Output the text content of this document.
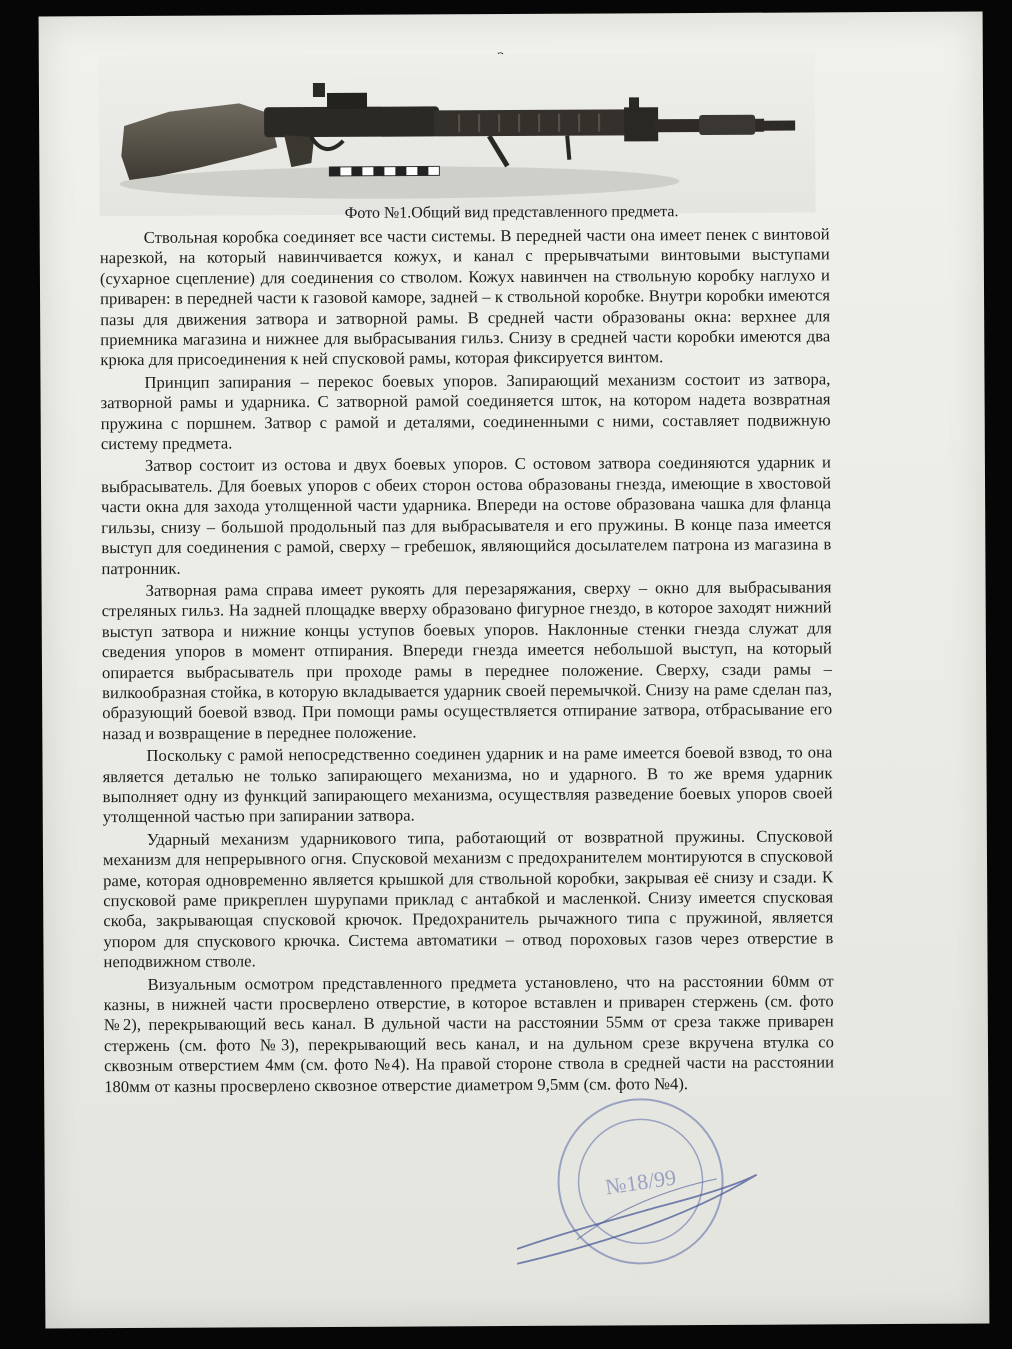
Фото №1.Общий вид представленного предмета.

Ствольная коробка соединяет все части системы. В передней части она имеет пенек с винтовой нарезкой, на который навинчивается кожух, и канал с прерывчатыми винтовыми выступами (сухарное сцепление) для соединения со стволом. Кожух навинчен на ствольную коробку наглухо и приварен: в передней части к газовой каморе, задней – к ствольной коробке. Внутри коробки имеются пазы для движения затвора и затворной рамы. В средней части образованы окна: верхнее для приемника магазина и нижнее для выбрасывания гильз. Снизу в средней части коробки имеются два крюка для присоединения к ней спусковой рамы, которая фиксируется винтом.

Принцип запирания – перекос боевых упоров. Запирающий механизм состоит из затвора, затворной рамы и ударника. С затворной рамой соединяется шток, на котором надета возвратная пружина с поршнем. Затвор с рамой и деталями, соединенными с ними, составляет подвижную систему предмета.

Затвор состоит из остова и двух боевых упоров. С остовом затвора соединяются ударник и выбрасыватель. Для боевых упоров с обеих сторон остова образованы гнезда, имеющие в хвостовой части окна для захода утолщенной части ударника. Впереди на остове образована чашка для фланца гильзы, снизу – большой продольный паз для выбрасывателя и его пружины. В конце паза имеется выступ для соединения с рамой, сверху – гребешок, являющийся досылателем патрона из магазина в патронник.

Затворная рама справа имеет рукоять для перезаряжания, сверху – окно для выбрасывания стреляных гильз. На задней площадке вверху образовано фигурное гнездо, в которое заходят нижний выступ затвора и нижние концы уступов боевых упоров. Наклонные стенки гнезда служат для сведения упоров в момент отпирания. Впереди гнезда имеется небольшой выступ, на который опирается выбрасыватель при проходе рамы в переднее положение. Сверху, сзади рамы – вилкообразная стойка, в которую вкладывается ударник своей перемычкой. Снизу на раме сделан паз, образующий боевой взвод. При помощи рамы осуществляется отпирание затвора, отбрасывание его назад и возвращение в переднее положение.

Поскольку с рамой непосредственно соединен ударник и на раме имеется боевой взвод, то она является деталью не только запирающего механизма, но и ударного. В то же время ударник выполняет одну из функций запирающего механизма, осуществляя разведение боевых упоров своей утолщенной частью при запирании затвора.

Ударный механизм ударникового типа, работающий от возвратной пружины. Спусковой механизм для непрерывного огня. Спусковой механизм с предохранителем монтируются в спусковой раме, которая одновременно является крышкой для ствольной коробки, закрывая её снизу и сзади. К спусковой раме прикреплен шурупами приклад с антабкой и масленкой. Снизу имеется спусковая скоба, закрывающая спусковой крючок. Предохранитель рычажного типа с пружиной, является упором для спускового крючка. Система автоматики – отвод пороховых газов через отверстие в неподвижном стволе.

Визуальным осмотром представленного предмета установлено, что на расстоянии 60мм от казны, в нижней части просверлено отверстие, в которое вставлен и приварен стержень (см. фото №2), перекрывающий весь канал. В дульной части на расстоянии 55мм от среза также приварен стержень (см. фото №3), перекрывающий весь канал, и на дульном срезе вкручена втулка со сквозным отверстием 4мм (см. фото №4). На правой стороне ствола в средней части на расстоянии 180мм от казны просверлено сквозное отверстие диаметром 9,5мм (см. фото №4).

№18/99
